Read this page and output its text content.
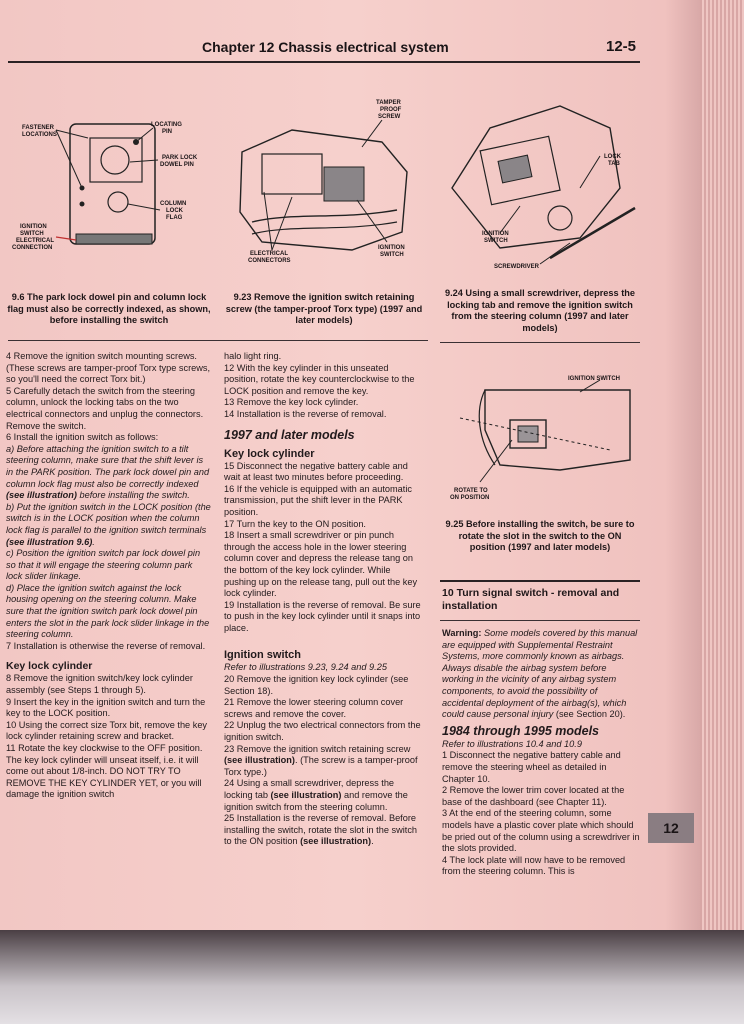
Chapter 12 Chassis electrical system	12-5
FASTENER
LOCATIONS
LOCATING
PIN
PARK LOCK
DOWEL PIN
COLUMN
LOCK
FLAG
IGNITION
SWITCH
ELECTRICAL
CONNECTION
9.6 The park lock dowel pin and column lock flag must also be correctly indexed, as shown, before installing the switch
TAMPER
PROOF
SCREW
ELECTRICAL
CONNECTORS
IGNITION
SWITCH
9.23 Remove the ignition switch retaining screw (the tamper-proof Torx type) (1997 and later models)
LOCK
TAB
IGNITION
SWITCH
SCREWDRIVER
9.24 Using a small screwdriver, depress the locking tab and remove the ignition switch from the steering column (1997 and later models)
IGNITION SWITCH
ROTATE TO
ON POSITION
9.25 Before installing the switch, be sure to rotate the slot in the switch to the ON position (1997 and later models)

4 Remove the ignition switch mounting screws. (These screws are tamper-proof Torx type screws, so you'll need the correct Torx bit.)

5 Carefully detach the switch from the steering column, unlock the locking tabs on the two electrical connectors and unplug the connectors. Remove the switch.

6 Install the ignition switch as follows:

a) Before attaching the ignition switch to a tilt steering column, make sure that the shift lever is in the PARK position. The park lock dowel pin and column lock flag must also be correctly indexed (see illustration) before installing the switch.

b) Put the ignition switch in the LOCK position (the switch is in the LOCK position when the column lock flag is parallel to the ignition switch terminals (see illustration 9.6).

c) Position the ignition switch par lock dowel pin so that it will engage the steering column park lock slider linkage.

d) Place the ignition switch against the lock housing opening on the steering column. Make sure that the ignition switch park lock dowel pin enters the slot in the park lock slider linkage in the steering column.

7 Installation is otherwise the reverse of removal.

Key lock cylinder

8 Remove the ignition switch/key lock cylinder assembly (see Steps 1 through 5).

9 Insert the key in the ignition switch and turn the key to the LOCK position.

10 Using the correct size Torx bit, remove the key lock cylinder retaining screw and bracket.

11 Rotate the key clockwise to the OFF position. The key lock cylinder will unseat itself, i.e. it will come out about 1/8-inch. DO NOT TRY TO REMOVE THE KEY CYLINDER YET, or you will damage the ignition switch

halo light ring.

12 With the key cylinder in this unseated position, rotate the key counterclockwise to the LOCK position and remove the key.

13 Remove the key lock cylinder.

14 Installation is the reverse of removal.

1997 and later models

Key lock cylinder

15 Disconnect the negative battery cable and wait at least two minutes before proceeding.

16 If the vehicle is equipped with an automatic transmission, put the shift lever in the PARK position.

17 Turn the key to the ON position.

18 Insert a small screwdriver or pin punch through the access hole in the lower steering column cover and depress the release tang on the bottom of the key lock cylinder. While pushing up on the release tang, pull out the key lock cylinder.

19 Installation is the reverse of removal. Be sure to push in the key lock cylinder until it snaps into place.

Ignition switch

Refer to illustrations 9.23, 9.24 and 9.25

20 Remove the ignition key lock cylinder (see Section 18).

21 Remove the lower steering column cover screws and remove the cover.

22 Unplug the two electrical connectors from the ignition switch.

23 Remove the ignition switch retaining screw (see illustration). (The screw is a tamper-proof Torx type.)

24 Using a small screwdriver, depress the locking tab (see illustration) and remove the ignition switch from the steering column.

25 Installation is the reverse of removal. Before installing the switch, rotate the slot in the switch to the ON position (see illustration).

10 Turn signal switch - removal and installation

Warning: Some models covered by this manual are equipped with Supplemental Restraint Systems, more commonly known as airbags. Always disable the airbag system before working in the vicinity of any airbag system components, to avoid the possibility of accidental deployment of the airbag(s), which could cause personal injury (see Section 20).

1984 through 1995 models

Refer to illustrations 10.4 and 10.9

1 Disconnect the negative battery cable and remove the steering wheel as detailed in Chapter 10.

2 Remove the lower trim cover located at the base of the dashboard (see Chapter 11).

3 At the end of the steering column, some models have a plastic cover plate which should be pried out of the column using a screwdriver in the slots provided.

4 The lock plate will now have to be removed from the steering column. This is

12
